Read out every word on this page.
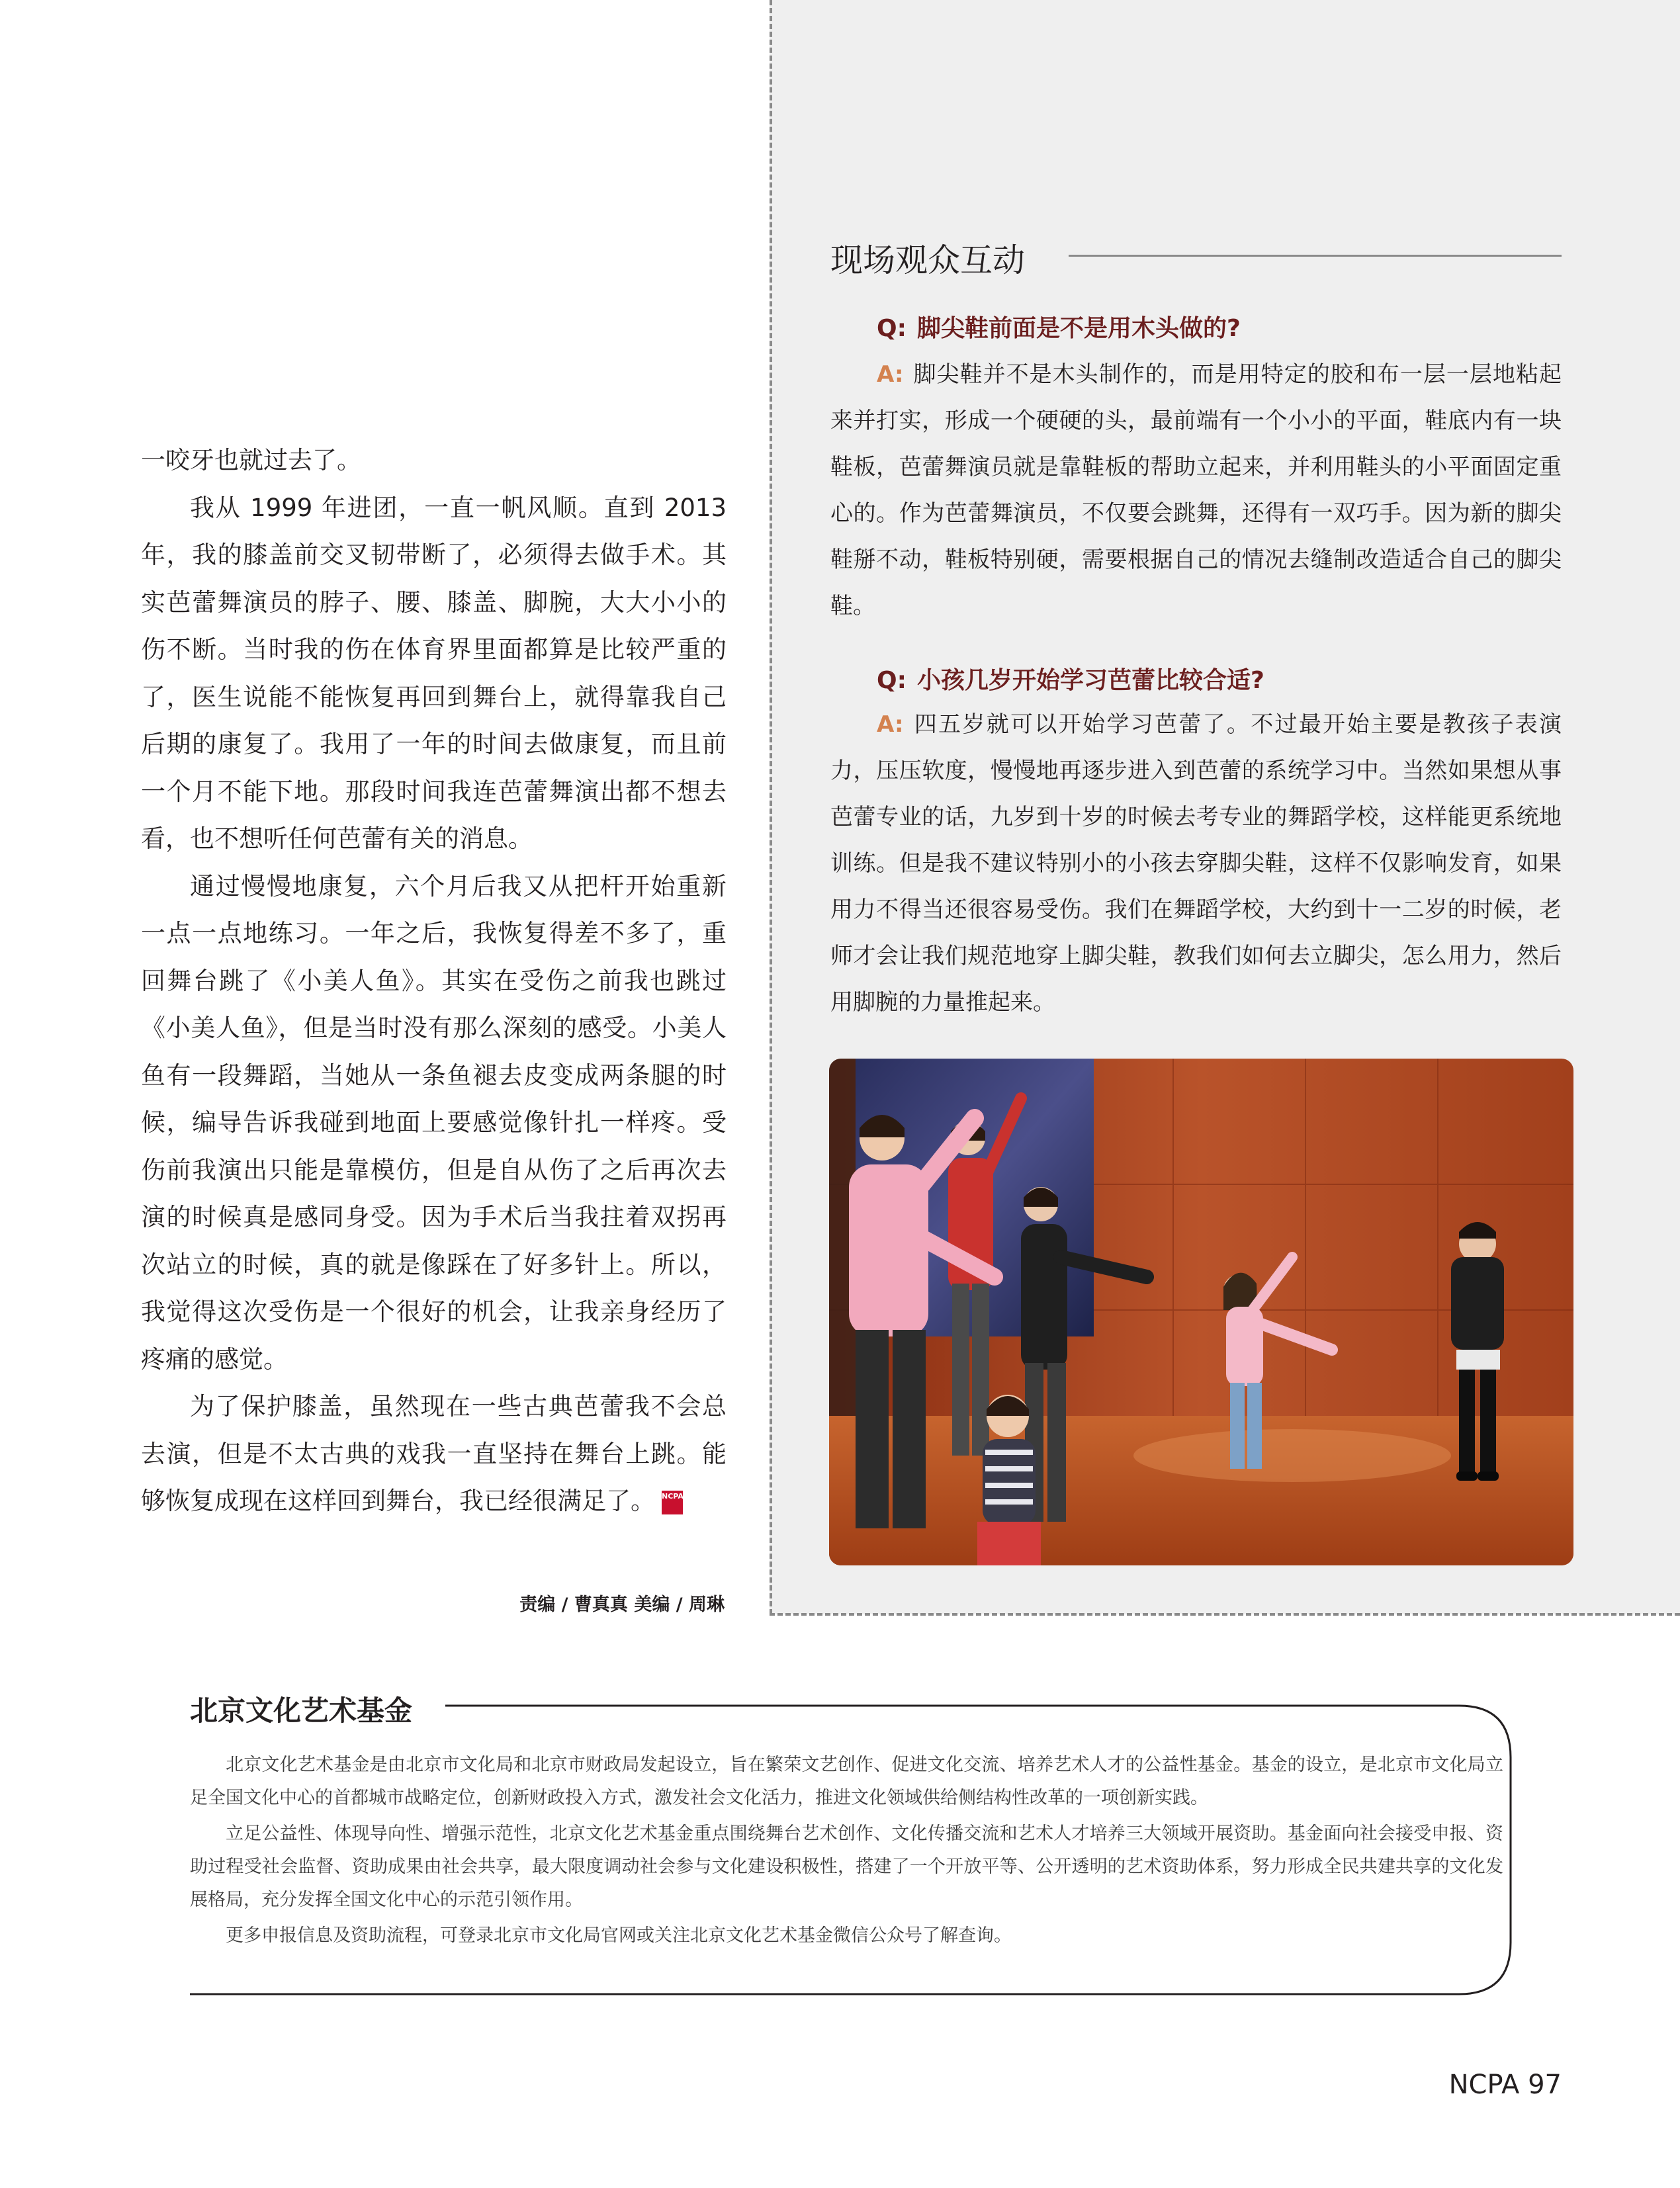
一咬牙也就过去了。

我从 1999 年进团，一直一帆风顺。直到 2013 年，我的膝盖前交叉韧带断了，必须得去做手术。其实芭蕾舞演员的脖子、腰、膝盖、脚腕，大大小小的伤不断。当时我的伤在体育界里面都算是比较严重的了，医生说能不能恢复再回到舞台上，就得靠我自己后期的康复了。我用了一年的时间去做康复，而且前一个月不能下地。那段时间我连芭蕾舞演出都不想去看，也不想听任何芭蕾有关的消息。

通过慢慢地康复，六个月后我又从把杆开始重新一点一点地练习。一年之后，我恢复得差不多了，重回舞台跳了《小美人鱼》。其实在受伤之前我也跳过《小美人鱼》，但是当时没有那么深刻的感受。小美人鱼有一段舞蹈，当她从一条鱼褪去皮变成两条腿的时候，编导告诉我碰到地面上要感觉像针扎一样疼。受伤前我演出只能是靠模仿，但是自从伤了之后再次去演的时候真是感同身受。因为手术后当我拄着双拐再次站立的时候，真的就是像踩在了好多针上。所以，我觉得这次受伤是一个很好的机会，让我亲身经历了疼痛的感觉。

为了保护膝盖，虽然现在一些古典芭蕾我不会总去演，但是不太古典的戏我一直坚持在舞台上跳。能够恢复成现在这样回到舞台，我已经很满足了。 NCPA

责编 / 曹真真 美编 / 周琳
现场观众互动
Q: 脚尖鞋前面是不是用木头做的?

A: 脚尖鞋并不是木头制作的，而是用特定的胶和布一层一层地粘起来并打实，形成一个硬硬的头，最前端有一个小小的平面，鞋底内有一块鞋板，芭蕾舞演员就是靠鞋板的帮助立起来，并利用鞋头的小平面固定重心的。作为芭蕾舞演员，不仅要会跳舞，还得有一双巧手。因为新的脚尖鞋掰不动，鞋板特别硬，需要根据自己的情况去缝制改造适合自己的脚尖鞋。

Q: 小孩几岁开始学习芭蕾比较合适?

A: 四五岁就可以开始学习芭蕾了。不过最开始主要是教孩子表演力，压压软度，慢慢地再逐步进入到芭蕾的系统学习中。当然如果想从事芭蕾专业的话，九岁到十岁的时候去考专业的舞蹈学校，这样能更系统地训练。但是我不建议特别小的小孩去穿脚尖鞋，这样不仅影响发育，如果用力不得当还很容易受伤。我们在舞蹈学校，大约到十一二岁的时候，老师才会让我们规范地穿上脚尖鞋，教我们如何去立脚尖，怎么用力，然后用脚腕的力量推起来。

北京文化艺术基金

北京文化艺术基金是由北京市文化局和北京市财政局发起设立，旨在繁荣文艺创作、促进文化交流、培养艺术人才的公益性基金。基金的设立，是北京市文化局立足全国文化中心的首都城市战略定位，创新财政投入方式，激发社会文化活力，推进文化领域供给侧结构性改革的一项创新实践。

立足公益性、体现导向性、增强示范性，北京文化艺术基金重点围绕舞台艺术创作、文化传播交流和艺术人才培养三大领域开展资助。基金面向社会接受申报、资助过程受社会监督、资助成果由社会共享，最大限度调动社会参与文化建设积极性，搭建了一个开放平等、公开透明的艺术资助体系，努力形成全民共建共享的文化发展格局，充分发挥全国文化中心的示范引领作用。

更多申报信息及资助流程，可登录北京市文化局官网或关注北京文化艺术基金微信公众号了解查询。

NCPA 97
